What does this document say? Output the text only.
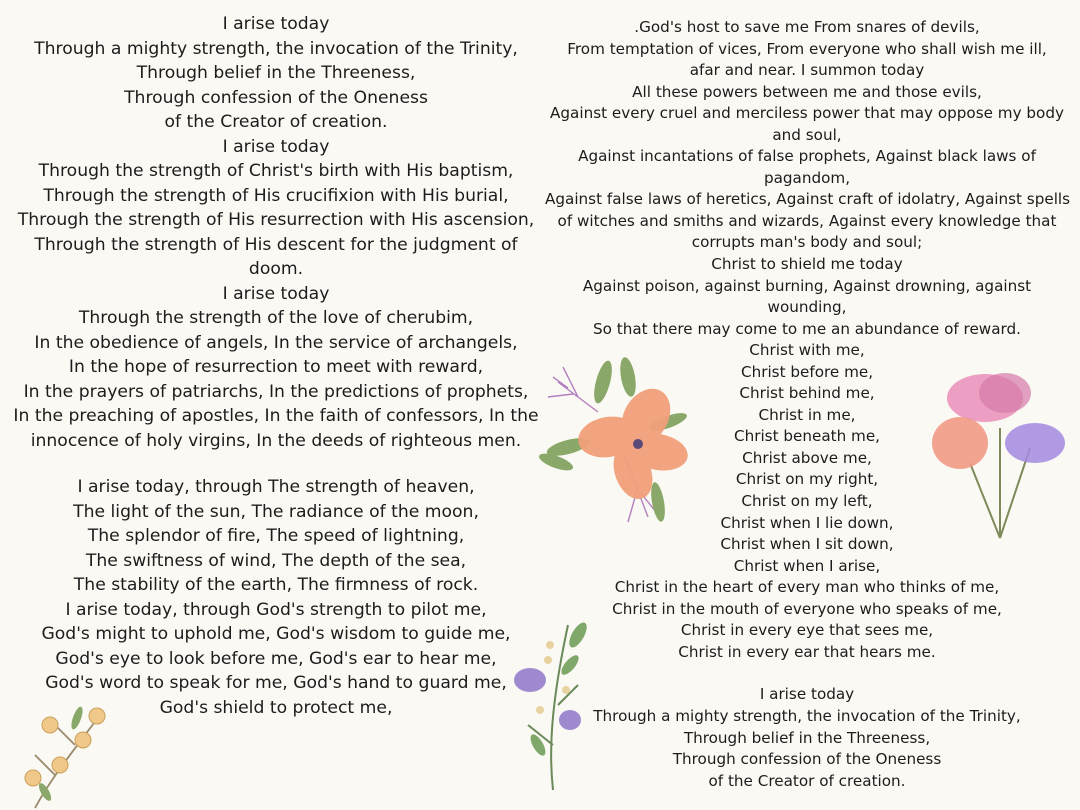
I arise today
Through a mighty strength, the invocation of the Trinity,
Through belief in the Threeness,
Through confession of the Oneness
of the Creator of creation.
I arise today
Through the strength of Christ's birth with His baptism,
Through the strength of His crucifixion with His burial,
Through the strength of His resurrection with His ascension,
Through the strength of His descent for the judgment of
doom.
I arise today
Through the strength of the love of cherubim,
In the obedience of angels, In the service of archangels,
In the hope of resurrection to meet with reward,
In the prayers of patriarchs, In the predictions of prophets,
In the preaching of apostles, In the faith of confessors, In the
innocence of holy virgins, In the deeds of righteous men.
I arise today, through The strength of heaven,
The light of the sun, The radiance of the moon,
The splendor of fire, The speed of lightning,
The swiftness of wind, The depth of the sea,
The stability of the earth, The firmness of rock.
I arise today, through God's strength to pilot me,
God's might to uphold me, God's wisdom to guide me,
God's eye to look before me, God's ear to hear me,
God's word to speak for me, God's hand to guard me,
God's shield to protect me,
.God's host to save me From snares of devils,
From temptation of vices, From everyone who shall wish me ill,
afar and near. I summon today
All these powers between me and those evils,
Against every cruel and merciless power that may oppose my body
and soul,
Against incantations of false prophets, Against black laws of
pagandom,
Against false laws of heretics, Against craft of idolatry, Against spells
of witches and smiths and wizards, Against every knowledge that
corrupts man's body and soul;
Christ to shield me today
Against poison, against burning, Against drowning, against
wounding,
So that there may come to me an abundance of reward.
Christ with me,
Christ before me,
Christ behind me,
Christ in me,
Christ beneath me,
Christ above me,
Christ on my right,
Christ on my left,
Christ when I lie down,
Christ when I sit down,
Christ when I arise,
Christ in the heart of every man who thinks of me,
Christ in the mouth of everyone who speaks of me,
Christ in every eye that sees me,
Christ in every ear that hears me.
I arise today
Through a mighty strength, the invocation of the Trinity,
Through belief in the Threeness,
Through confession of the Oneness
of the Creator of creation.
